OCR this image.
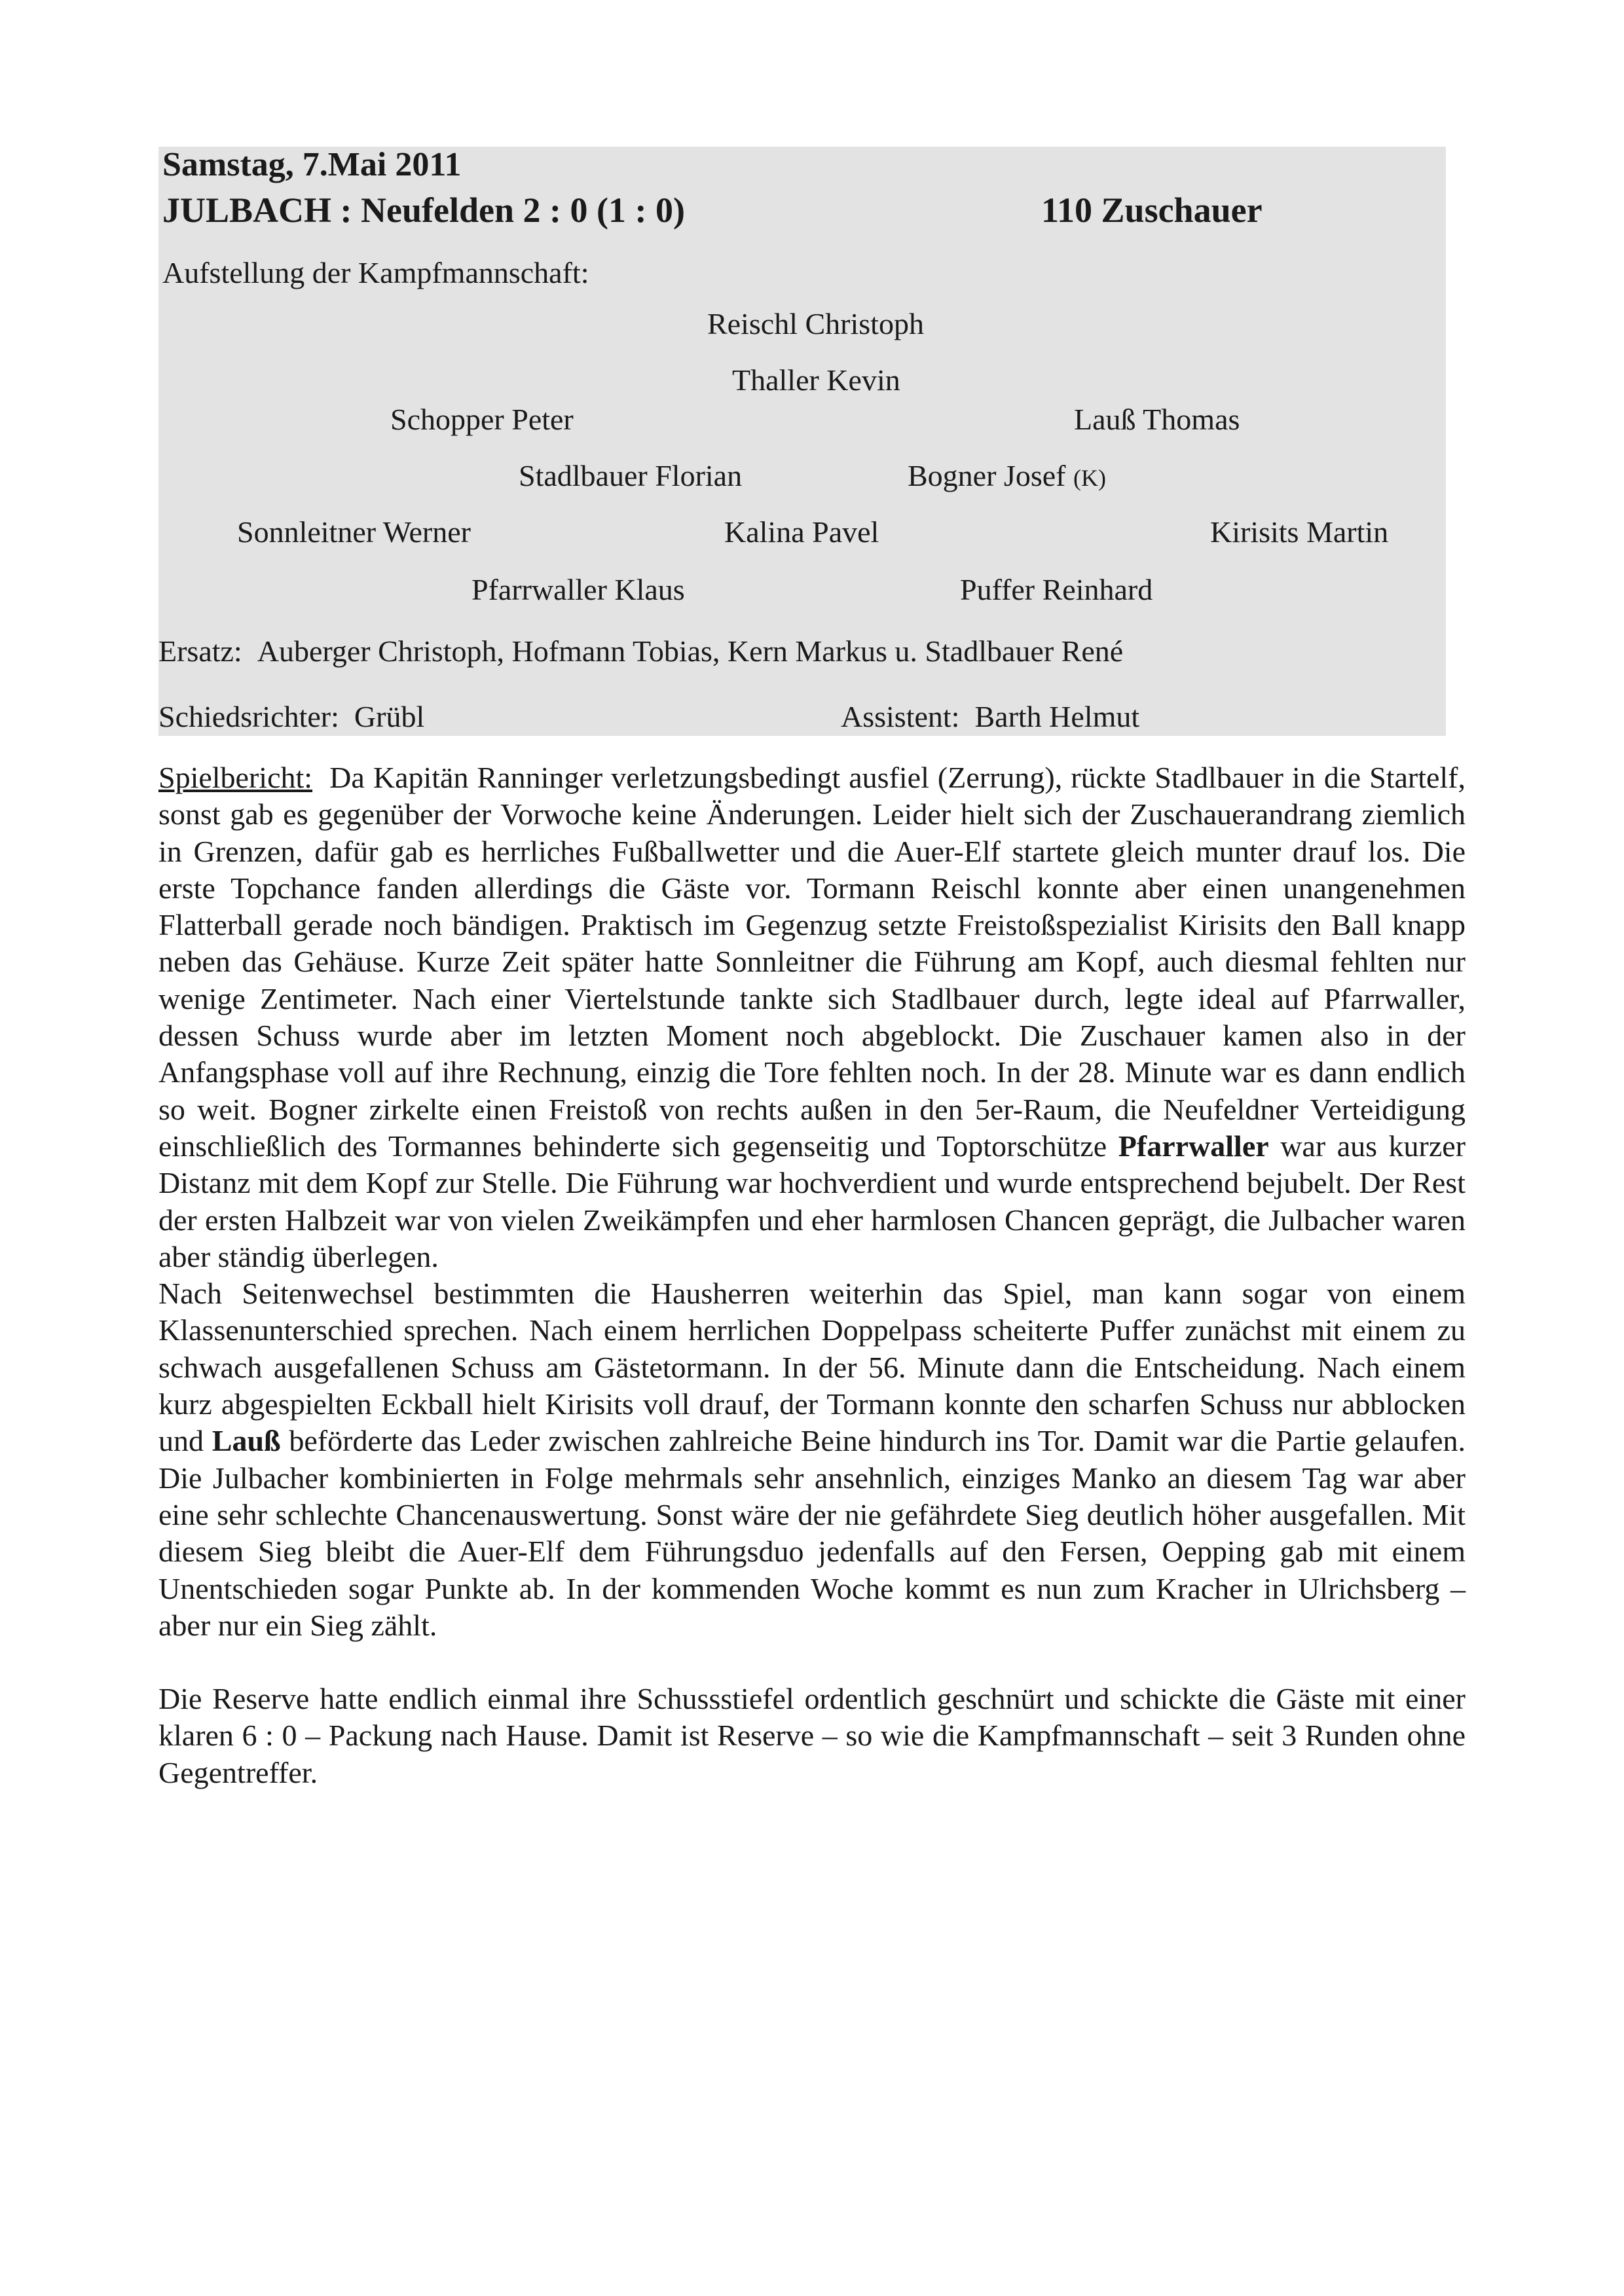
Samstag, 7.Mai 2011
JULBACH : Neufelden 2 : 0 (1 : 0)	110 Zuschauer
Aufstellung der Kampfmannschaft:
Reischl Christoph
Thaller Kevin
Schopper Peter	Lauß Thomas
Stadlbauer Florian	Bogner Josef (K)
Sonnleitner Werner	Kalina Pavel	Kirisits Martin
Pfarrwaller Klaus	Puffer Reinhard
Ersatz: Auberger Christoph, Hofmann Tobias, Kern Markus u. Stadlbauer René
Schiedsrichter: Grübl	Assistent: Barth Helmut

Spielbericht: Da Kapitän Ranninger verletzungsbedingt ausfiel (Zerrung), rückte Stadlbauer in die Startelf, sonst gab es gegenüber der Vorwoche keine Änderungen. Leider hielt sich der Zuschauerandrang ziemlich in Grenzen, dafür gab es herrliches Fußballwetter und die Auer-Elf startete gleich munter drauf los. Die erste Topchance fanden allerdings die Gäste vor. Tormann Reischl konnte aber einen unangenehmen Flatterball gerade noch bändigen. Praktisch im Gegenzug setzte Freistoßspezialist Kirisits den Ball knapp neben das Gehäuse. Kurze Zeit später hatte Sonnleitner die Führung am Kopf, auch diesmal fehlten nur wenige Zentimeter. Nach einer Viertelstunde tankte sich Stadlbauer durch, legte ideal auf Pfarrwaller, dessen Schuss wurde aber im letzten Moment noch abgeblockt. Die Zuschauer kamen also in der Anfangsphase voll auf ihre Rechnung, einzig die Tore fehlten noch. In der 28. Minute war es dann endlich so weit. Bogner zirkelte einen Freistoß von rechts außen in den 5er-Raum, die Neufeldner Verteidigung einschließlich des Tormannes behinderte sich gegenseitig und Toptorschütze Pfarrwaller war aus kurzer Distanz mit dem Kopf zur Stelle. Die Führung war hochverdient und wurde entsprechend bejubelt. Der Rest der ersten Halbzeit war von vielen Zweikämpfen und eher harmlosen Chancen geprägt, die Julbacher waren aber ständig überlegen.

Nach Seitenwechsel bestimmten die Hausherren weiterhin das Spiel, man kann sogar von einem Klassenunterschied sprechen. Nach einem herrlichen Doppelpass scheiterte Puffer zunächst mit einem zu schwach ausgefallenen Schuss am Gästetormann. In der 56. Minute dann die Entscheidung. Nach einem kurz abgespielten Eckball hielt Kirisits voll drauf, der Tormann konnte den scharfen Schuss nur abblocken und Lauß beförderte das Leder zwischen zahlreiche Beine hindurch ins Tor. Damit war die Partie gelaufen. Die Julbacher kombinierten in Folge mehrmals sehr ansehnlich, einziges Manko an diesem Tag war aber eine sehr schlechte Chancenauswertung. Sonst wäre der nie gefährdete Sieg deutlich höher ausgefallen. Mit diesem Sieg bleibt die Auer-Elf dem Führungsduo jedenfalls auf den Fersen, Oepping gab mit einem Unentschieden sogar Punkte ab. In der kommenden Woche kommt es nun zum Kracher in Ulrichsberg – aber nur ein Sieg zählt.

Die Reserve hatte endlich einmal ihre Schussstiefel ordentlich geschnürt und schickte die Gäste mit einer klaren 6 : 0 – Packung nach Hause. Damit ist Reserve – so wie die Kampfmannschaft – seit 3 Runden ohne Gegentreffer.
